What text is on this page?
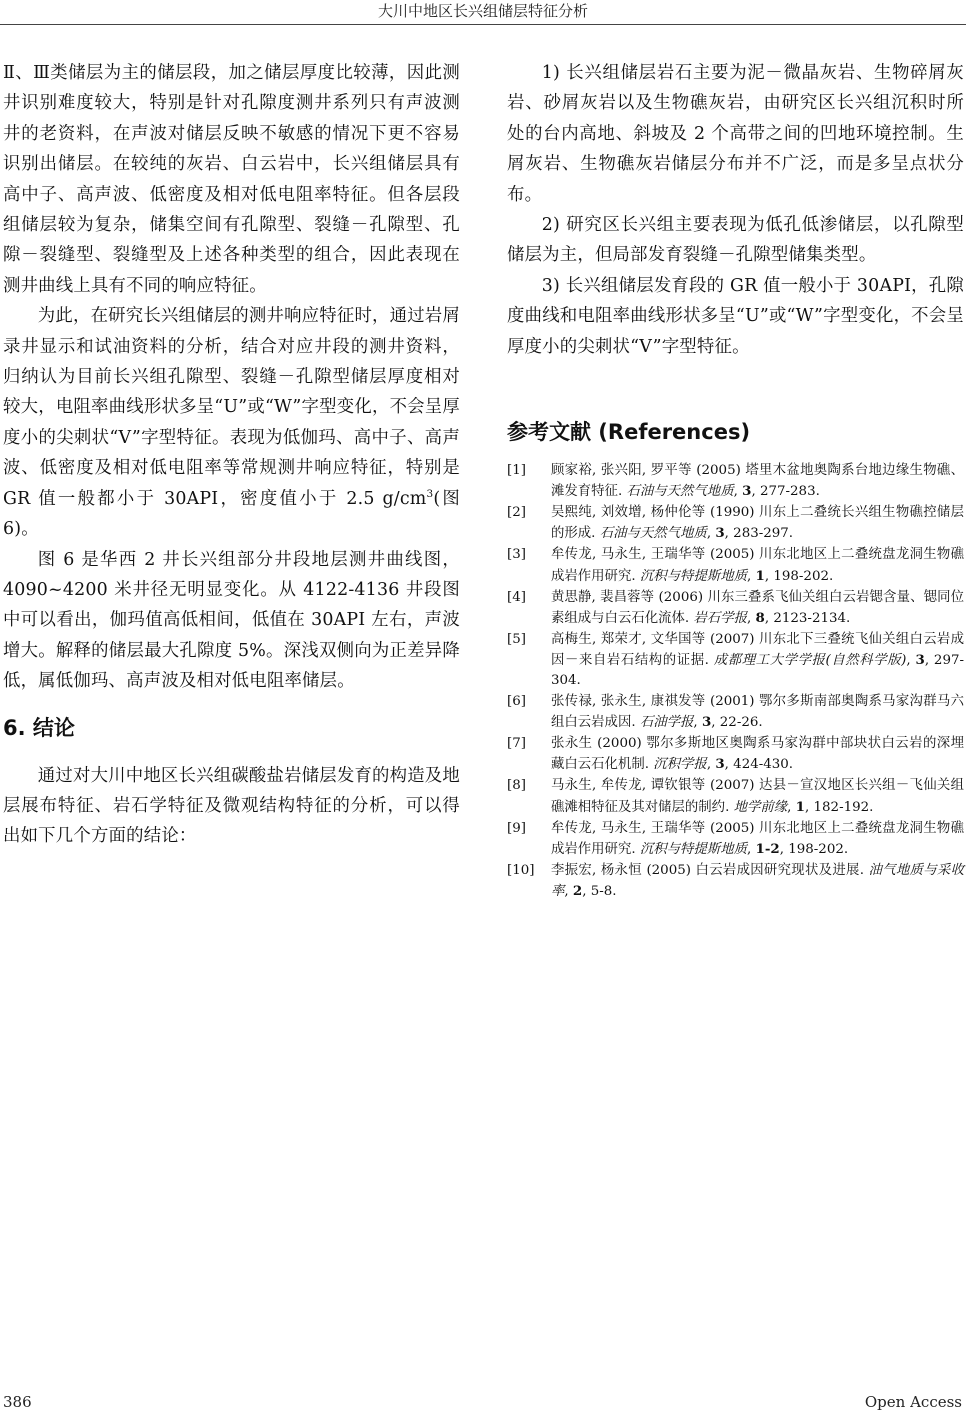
大川中地区长兴组储层特征分析

Ⅱ、Ⅲ类储层为主的储层段，加之储层厚度比较薄，因此测井识别难度较大，特别是针对孔隙度测井系列只有声波测井的老资料，在声波对储层反映不敏感的情况下更不容易识别出储层。在较纯的灰岩、白云岩中，长兴组储层具有高中子、高声波、低密度及相对低电阻率特征。但各层段组储层较为复杂，储集空间有孔隙型、裂缝－孔隙型、孔隙－裂缝型、裂缝型及上述各种类型的组合，因此表现在测井曲线上具有不同的响应特征。

为此，在研究长兴组储层的测井响应特征时，通过岩屑录井显示和试油资料的分析，结合对应井段的测井资料，归纳认为目前长兴组孔隙型、裂缝－孔隙型储层厚度相对较大，电阻率曲线形状多呈“U”或“W”字型变化，不会呈厚度小的尖刺状“V”字型特征。表现为低伽玛、高中子、高声波、低密度及相对低电阻率等常规测井响应特征，特别是 GR 值一般都小于 30API，密度值小于 2.5 $g/cm^3$(图 6)。

图 6 是华西 2 井长兴组部分井段地层测井曲线图，4090~4200 米井径无明显变化。从 4122-4136 井段图中可以看出，伽玛值高低相间，低值在 30API 左右，声波增大。解释的储层最大孔隙度 5%。深浅双侧向为正差异降低，属低伽玛、高声波及相对低电阻率储层。

6. 结论

通过对大川中地区长兴组碳酸盐岩储层发育的构造及地层展布特征、岩石学特征及微观结构特征的分析，可以得出如下几个方面的结论：

1) 长兴组储层岩石主要为泥－微晶灰岩、生物碎屑灰岩、砂屑灰岩以及生物礁灰岩，由研究区长兴组沉积时所处的台内高地、斜坡及 2 个高带之间的凹地环境控制。生屑灰岩、生物礁灰岩储层分布并不广泛，而是多呈点状分布。

2) 研究区长兴组主要表现为低孔低渗储层，以孔隙型储层为主，但局部发育裂缝－孔隙型储集类型。

3) 长兴组储层发育段的 GR 值一般小于 30API，孔隙度曲线和电阻率曲线形状多呈“U”或“W”字型变化，不会呈厚度小的尖刺状“V”字型特征。

参考文献 (References)
[1] 顾家裕, 张兴阳, 罗平等 (2005) 塔里木盆地奥陶系台地边缘生物礁、滩发育特征. 石油与天然气地质, 3, 277-283.
[2] 吴熙纯, 刘效增, 杨仲伦等 (1990) 川东上二叠统长兴组生物礁控储层的形成. 石油与天然气地质, 3, 283-297.
[3] 牟传龙, 马永生, 王瑞华等 (2005) 川东北地区上二叠统盘龙洞生物礁成岩作用研究. 沉积与特提斯地质, 1, 198-202.
[4] 黄思静, 裴昌蓉等 (2006) 川东三叠系飞仙关组白云岩锶含量、锶同位素组成与白云石化流体. 岩石学报, 8, 2123-2134.
[5] 高梅生, 郑荣才, 文华国等 (2007) 川东北下三叠统飞仙关组白云岩成因－来自岩石结构的证据. 成都理工大学学报(自然科学版), 3, 297-304.
[6] 张传禄, 张永生, 康祺发等 (2001) 鄂尔多斯南部奥陶系马家沟群马六组白云岩成因. 石油学报, 3, 22-26.
[7] 张永生 (2000) 鄂尔多斯地区奥陶系马家沟群中部块状白云岩的深埋藏白云石化机制. 沉积学报, 3, 424-430.
[8] 马永生, 牟传龙, 谭钦银等 (2007) 达县－宣汉地区长兴组－飞仙关组礁滩相特征及其对储层的制约. 地学前缘, 1, 182-192.
[9] 牟传龙, 马永生, 王瑞华等 (2005) 川东北地区上二叠统盘龙洞生物礁成岩作用研究. 沉积与特提斯地质, 1-2, 198-202.
[10] 李振宏, 杨永恒 (2005) 白云岩成因研究现状及进展. 油气地质与采收率, 2, 5-8.
386	Open Access
